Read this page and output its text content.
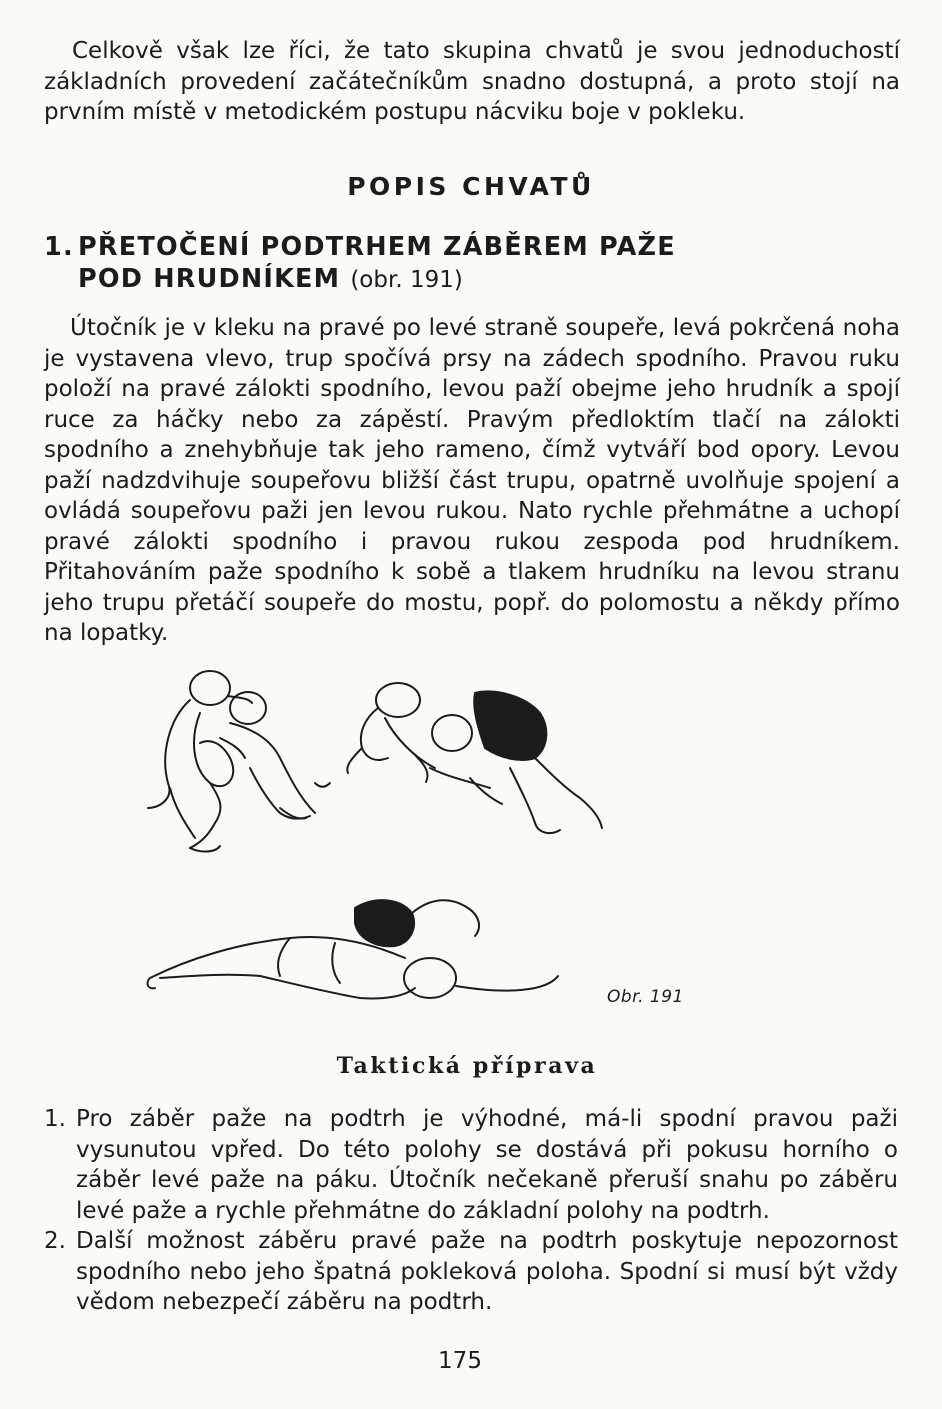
Celkově však lze říci, že tato skupina chvatů je svou jednoduchostí základních provedení začátečníkům snadno dostupná, a proto stojí na prvním místě v metodickém postupu nácviku boje v pokleku.

POPIS CHVATŮ
1. PŘETOČENÍ PODTRHEM ZÁBĚREM PAŽE
POD HRUDNÍKEM (obr. 191)

Útočník je v kleku na pravé po levé straně soupeře, levá pokrčená noha je vystavena vlevo, trup spočívá prsy na zádech spodního. Pravou ruku položí na pravé zálokti spodního, levou paží obejme jeho hrudník a spojí ruce za háčky nebo za zápěstí. Pravým předloktím tlačí na zálokti spodního a znehybňuje tak jeho rameno, čímž vytváří bod opory. Levou paží nadzdvihuje soupeřovu bližší část trupu, opatrně uvolňuje spojení a ovládá soupeřovu paži jen levou rukou. Nato rychle přehmátne a uchopí pravé zálokti spodního i pravou rukou zespoda pod hrudníkem. Přitahováním paže spodního k sobě a tlakem hrudníku na levou stranu jeho trupu přetáčí soupeře do mostu, popř. do polomostu a někdy přímo na lopatky.

Obr. 191
Taktická příprava
1. Pro záběr paže na podtrh je výhodné, má-li spodní pravou paži vysunutou vpřed. Do této polohy se dostává při pokusu horního o záběr levé paže na páku. Útočník nečekaně přeruší snahu po záběru levé paže a rychle přehmátne do základní polohy na podtrh.
2. Další možnost záběru pravé paže na podtrh poskytuje nepozornost spodního nebo jeho špatná pokleková poloha. Spodní si musí být vždy vědom nebezpečí záběru na podtrh.
175
